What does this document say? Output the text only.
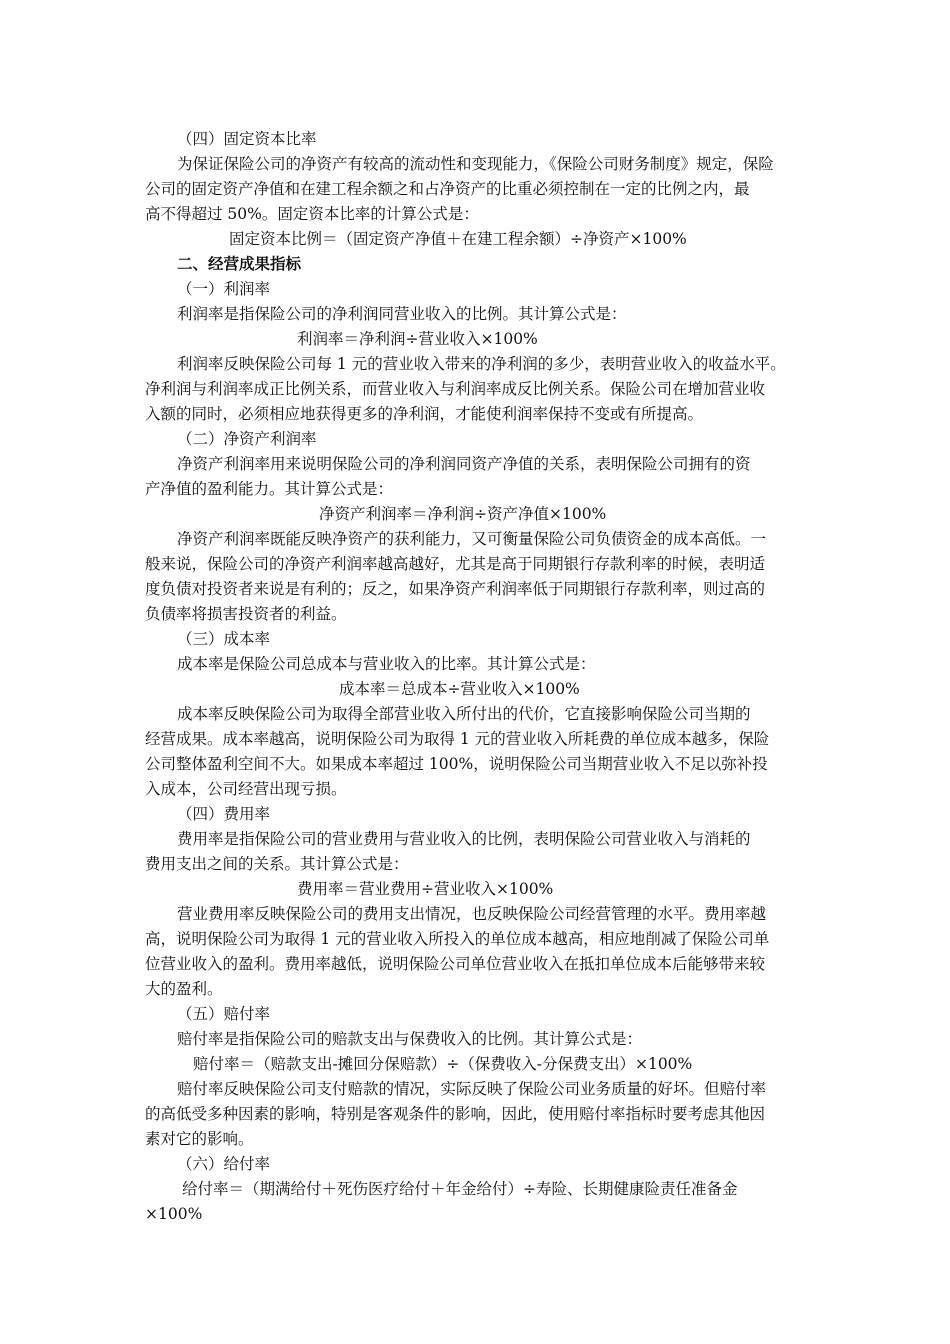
（四）固定资本比率
为保证保险公司的净资产有较高的流动性和变现能力，《保险公司财务制度》规定，保险
公司的固定资产净值和在建工程余额之和占净资产的比重必须控制在一定的比例之内，最
高不得超过 50%。固定资本比率的计算公式是：
固定资本比例＝（固定资产净值＋在建工程余额）÷净资产×100%
二、经营成果指标
（一）利润率
利润率是指保险公司的净利润同营业收入的比例。其计算公式是：
利润率＝净利润÷营业收入×100%
利润率反映保险公司每 1 元的营业收入带来的净利润的多少，表明营业收入的收益水平。
净利润与利润率成正比例关系，而营业收入与利润率成反比例关系。保险公司在增加营业收
入额的同时，必须相应地获得更多的净利润，才能使利润率保持不变或有所提高。
（二）净资产利润率
净资产利润率用来说明保险公司的净利润同资产净值的关系，表明保险公司拥有的资
产净值的盈利能力。其计算公式是：
净资产利润率＝净利润÷资产净值×100%
净资产利润率既能反映净资产的获利能力，又可衡量保险公司负债资金的成本高低。一
般来说，保险公司的净资产利润率越高越好，尤其是高于同期银行存款利率的时候，表明适
度负债对投资者来说是有利的；反之，如果净资产利润率低于同期银行存款利率，则过高的
负债率将损害投资者的利益。
（三）成本率
成本率是保险公司总成本与营业收入的比率。其计算公式是：
成本率＝总成本÷营业收入×100%
成本率反映保险公司为取得全部营业收入所付出的代价，它直接影响保险公司当期的
经营成果。成本率越高，说明保险公司为取得 1 元的营业收入所耗费的单位成本越多，保险
公司整体盈利空间不大。如果成本率超过 100%，说明保险公司当期营业收入不足以弥补投
入成本，公司经营出现亏损。
（四）费用率
费用率是指保险公司的营业费用与营业收入的比例，表明保险公司营业收入与消耗的
费用支出之间的关系。其计算公式是：
费用率＝营业费用÷营业收入×100%
营业费用率反映保险公司的费用支出情况，也反映保险公司经营管理的水平。费用率越
高，说明保险公司为取得 1 元的营业收入所投入的单位成本越高，相应地削减了保险公司单
位营业收入的盈利。费用率越低，说明保险公司单位营业收入在抵扣单位成本后能够带来较
大的盈利。
（五）赔付率
赔付率是指保险公司的赔款支出与保费收入的比例。其计算公式是：
赔付率＝（赔款支出-摊回分保赔款）÷（保费收入-分保费支出）×100%
赔付率反映保险公司支付赔款的情况，实际反映了保险公司业务质量的好坏。但赔付率
的高低受多种因素的影响，特别是客观条件的影响，因此，使用赔付率指标时要考虑其他因
素对它的影响。
（六）给付率
给付率＝（期满给付＋死伤医疗给付＋年金给付）÷寿险、长期健康险责任准备金
×100%
